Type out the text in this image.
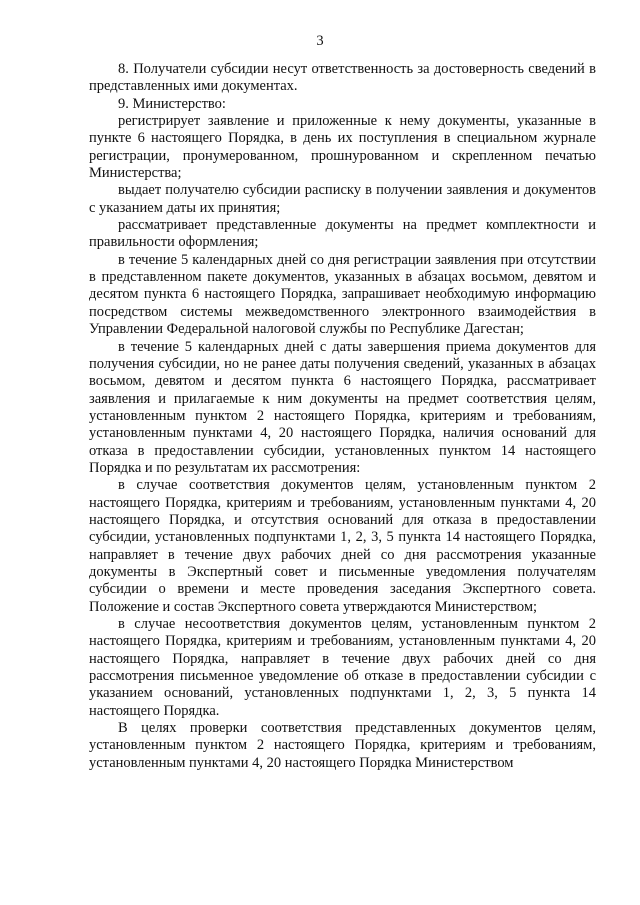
3

8. Получатели субсидии несут ответственность за достоверность сведений в представленных ими документах.

9. Министерство:

регистрирует заявление и приложенные к нему документы, указанные в пункте 6 настоящего Порядка, в день их поступления в специальном журнале регистрации, пронумерованном, прошнурованном и скрепленном печатью Министерства;

выдает получателю субсидии расписку в получении заявления и документов с указанием даты их принятия;

рассматривает представленные документы на предмет комплектности и правильности оформления;

в течение 5 календарных дней со дня регистрации заявления при отсутствии в представленном пакете документов, указанных в абзацах восьмом, девятом и десятом пункта 6 настоящего Порядка, запрашивает необходимую информацию посредством системы межведомственного электронного взаимодействия в Управлении Федеральной налоговой службы по Республике Дагестан;

в течение 5 календарных дней с даты завершения приема документов для получения субсидии, но не ранее даты получения сведений, указанных в абзацах восьмом, девятом и десятом пункта 6 настоящего Порядка, рассматривает заявления и прилагаемые к ним документы на предмет соответствия целям, установленным пунктом 2 настоящего Порядка, критериям и требованиям, установленным пунктами 4, 20 настоящего Порядка, наличия оснований для отказа в предоставлении субсидии, установленных пунктом 14 настоящего Порядка и по результатам их рассмотрения:

в случае соответствия документов целям, установленным пунктом 2 настоящего Порядка, критериям и требованиям, установленным пунктами 4, 20 настоящего Порядка, и отсутствия оснований для отказа в предоставлении субсидии, установленных подпунктами 1, 2, 3, 5 пункта 14 настоящего Порядка, направляет в течение двух рабочих дней со дня рассмотрения указанные документы в Экспертный совет и письменные уведомления получателям субсидии о времени и месте проведения заседания Экспертного совета. Положение и состав Экспертного совета утверждаются Министерством;

в случае несоответствия документов целям, установленным пунктом 2 настоящего Порядка, критериям и требованиям, установленным пунктами 4, 20 настоящего Порядка, направляет в течение двух рабочих дней со дня рассмотрения письменное уведомление об отказе в предоставлении субсидии с указанием оснований, установленных подпунктами 1, 2, 3, 5 пункта 14 настоящего Порядка.

В целях проверки соответствия представленных документов целям, установленным пунктом 2 настоящего Порядка, критериям и требованиям, установленным пунктами 4, 20 настоящего Порядка Министерством
